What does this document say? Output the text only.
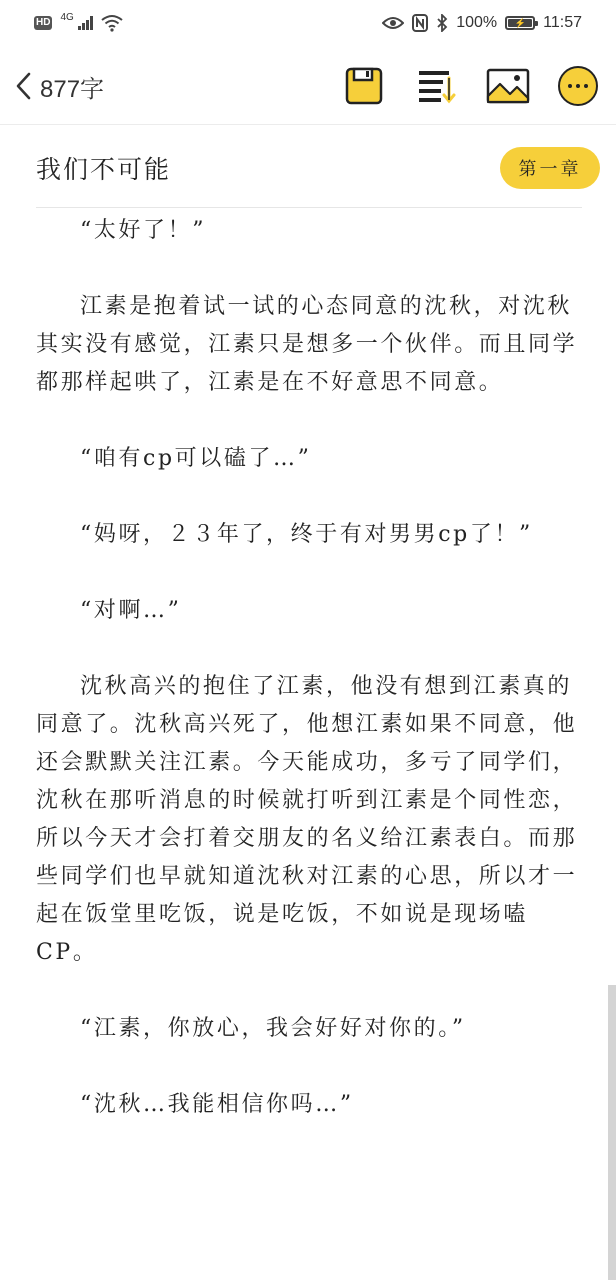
HD 4G	100% ⚡ 11:57
877字
我们不可能	第一章

“太好了！”

江素是抱着试一试的心态同意的沈秋，对沈秋其实没有感觉，江素只是想多一个伙伴。而且同学都那样起哄了，江素是在不好意思不同意。

“咱有cp可以磕了…”

“妈呀，２３年了，终于有对男男cp了！”

“对啊…”

沈秋高兴的抱住了江素，他没有想到江素真的同意了。沈秋高兴死了，他想江素如果不同意，他还会默默关注江素。今天能成功，多亏了同学们，沈秋在那听消息的时候就打听到江素是个同性恋，所以今天才会打着交朋友的名义给江素表白。而那些同学们也早就知道沈秋对江素的心思，所以才一起在饭堂里吃饭，说是吃饭，不如说是现场嗑CP。

“江素，你放心，我会好好对你的。”

“沈秋…我能相信你吗…”
